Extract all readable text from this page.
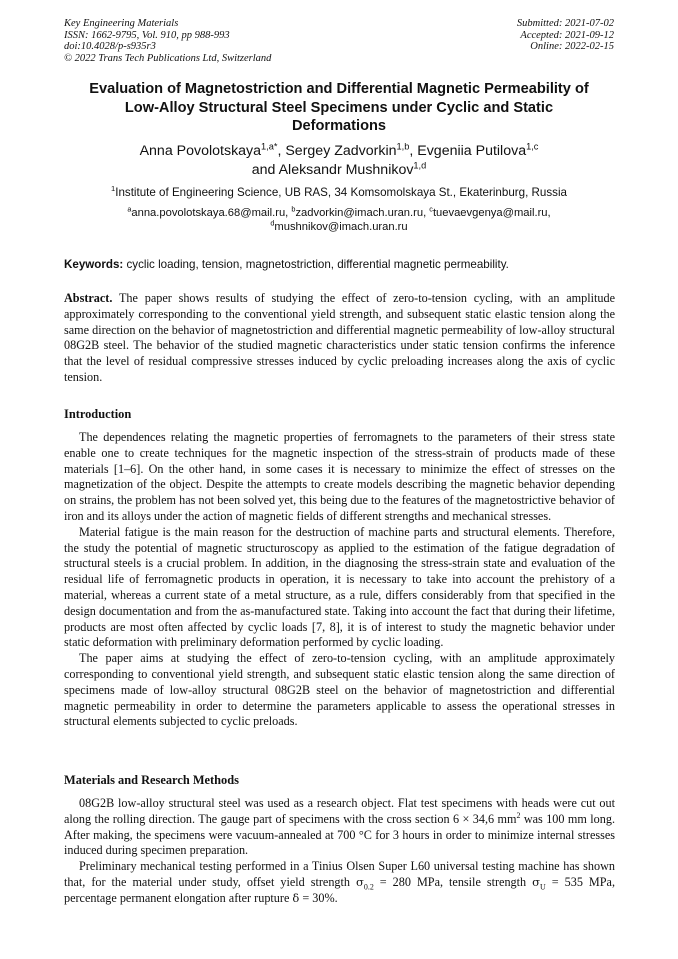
Key Engineering Materials
ISSN: 1662-9795, Vol. 910, pp 988-993
doi:10.4028/p-s935r3
© 2022 Trans Tech Publications Ltd, Switzerland
Submitted: 2021-07-02
Accepted: 2021-09-12
Online: 2022-02-15
Evaluation of Magnetostriction and Differential Magnetic Permeability of
Low-Alloy Structural Steel Specimens under Cyclic and Static
Deformations
Anna Povolotskaya$^{1,a*}$, Sergey Zadvorkin$^{1,b}$, Evgeniia Putilova$^{1,c}$
and Aleksandr Mushnikov$^{1,d}$
$^1$Institute of Engineering Science, UB RAS, 34 Komsomolskaya St., Ekaterinburg, Russia
$^a$anna.povolotskaya.68@mail.ru, $^b$zadvorkin@imach.uran.ru, $^c$tuevaevgenya@mail.ru,
$^d$mushnikov@imach.uran.ru
Keywords: cyclic loading, tension, magnetostriction, differential magnetic permeability.

Abstract. The paper shows results of studying the effect of zero-to-tension cycling, with an amplitude approximately corresponding to the conventional yield strength, and subsequent static elastic tension along the same direction on the behavior of magnetostriction and differential magnetic permeability of low-alloy structural 08G2B steel. The behavior of the studied magnetic characteristics under static tension confirms the inference that the level of residual compressive stresses induced by cyclic preloading increases along the axis of cyclic tension.

Introduction

The dependences relating the magnetic properties of ferromagnets to the parameters of their stress state enable one to create techniques for the magnetic inspection of the stress-strain of products made of these materials [1–6]. On the other hand, in some cases it is necessary to minimize the effect of stresses on the magnetization of the object. Despite the attempts to create models describing the magnetic behavior depending on strains, the problem has not been solved yet, this being due to the features of the magnetostrictive behavior of iron and its alloys under the action of magnetic fields of different strengths and mechanical stresses.

Material fatigue is the main reason for the destruction of machine parts and structural elements. Therefore, the study the potential of magnetic structuroscopy as applied to the estimation of the fatigue degradation of structural steels is a crucial problem. In addition, in the diagnosing the stress-strain state and evaluation of the residual life of ferromagnetic products in operation, it is necessary to take into account the prehistory of a material, whereas a current state of a metal structure, as a rule, differs considerably from that specified in the design documentation and from the as-manufactured state. Taking into account the fact that during their lifetime, products are most often affected by cyclic loads [7, 8], it is of interest to study the magnetic behavior under static deformation with preliminary deformation performed by cyclic loading.

The paper aims at studying the effect of zero-to-tension cycling, with an amplitude approximately corresponding to conventional yield strength, and subsequent static elastic tension along the same direction of specimens made of low-alloy structural 08G2B steel on the behavior of magnetostriction and differential magnetic permeability in order to determine the parameters applicable to assess the operational stresses in structural elements subjected to cyclic preloads.

Materials and Research Methods

08G2B low-alloy structural steel was used as a research object. Flat test specimens with heads were cut out along the rolling direction. The gauge part of specimens with the cross section 6 × 34,6 $mm^2$ was 100 mm long. After making, the specimens were vacuum-annealed at 700 °C for 3 hours in order to minimize internal stresses induced during specimen preparation.

Preliminary mechanical testing performed in a Tinius Olsen Super L60 universal testing machine has shown that, for the material under study, offset yield strength $\sigma_{0.2} = 280$ MPa, tensile strength $\sigma_U = 535$ MPa, percentage permanent elongation after rupture δ = 30%.
